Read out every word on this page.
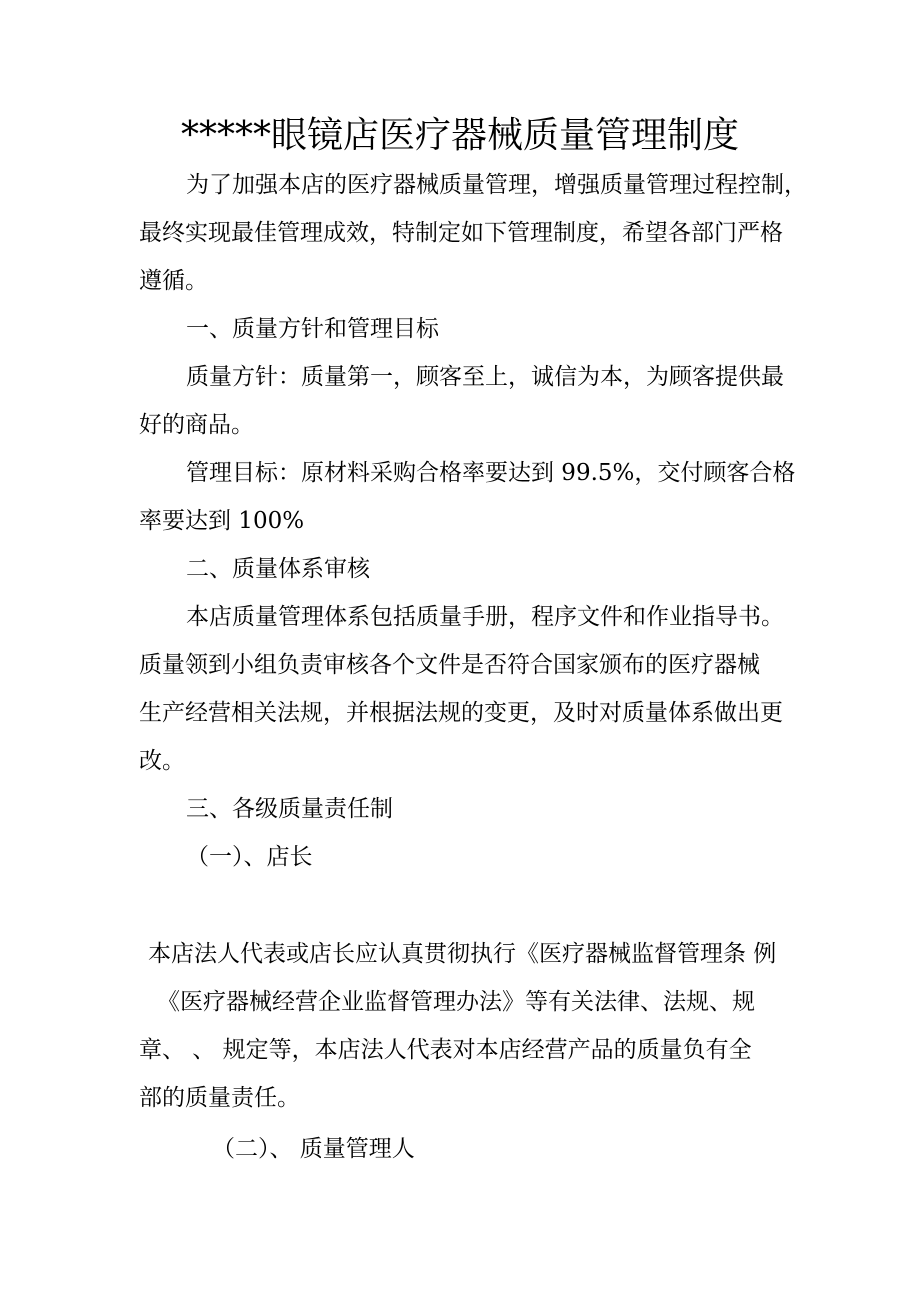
*****眼镜店医疗器械质量管理制度
为了加强本店的医疗器械质量管理，增强质量管理过程控制，
最终实现最佳管理成效，特制定如下管理制度，希望各部门严格
遵循。
一、质量方针和管理目标
质量方针：质量第一，顾客至上，诚信为本，为顾客提供最
好的商品。
管理目标：原材料采购合格率要达到 99.5%，交付顾客合格
率要达到 100%
二、质量体系审核
本店质量管理体系包括质量手册，程序文件和作业指导书。
质量领到小组负责审核各个文件是否符合国家颁布的医疗器械
生产经营相关法规，并根据法规的变更，及时对质量体系做出更
改。
三、各级质量责任制
（一）、店长
本店法人代表或店长应认真贯彻执行《医疗器械监督管理条 例
《医疗器械经营企业监督管理办法》等有关法律、法规、规
章、 、 规定等，本店法人代表对本店经营产品的质量负有全
部的质量责任。
（二）、 质量管理人
